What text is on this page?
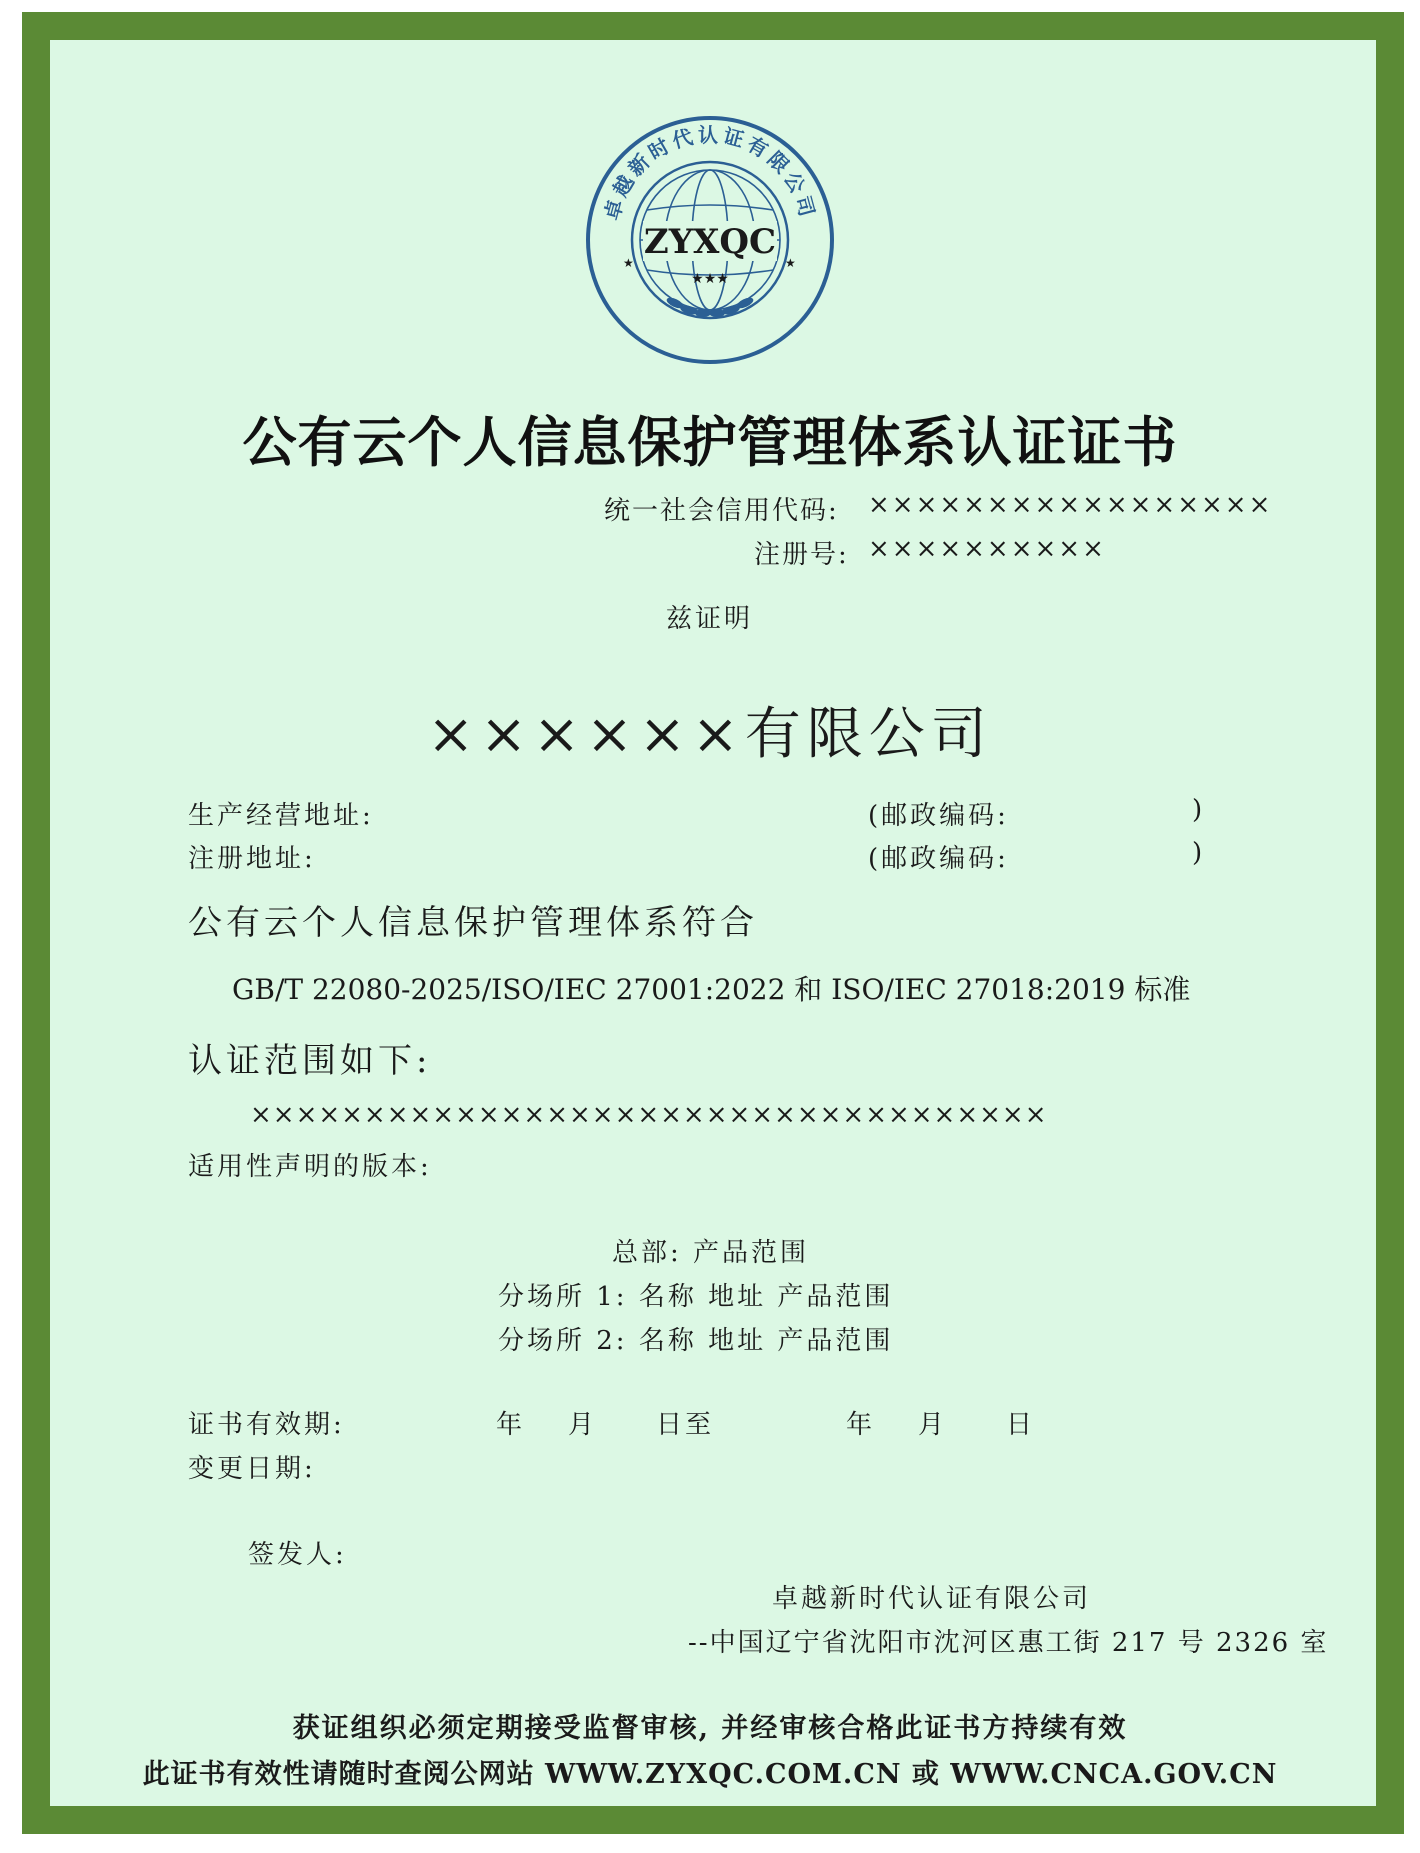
卓越新时代认证有限公司
ZYXQC
★★★
★	★
公有云个人信息保护管理体系认证证书
统一社会信用代码: ×××××××××××××××××
注册号: ××××××××××
兹证明
××××××有限公司
生产经营地址:	(邮政编码:	)
注册地址:	(邮政编码:	)
公有云个人信息保护管理体系符合
GB/T 22080-2025/ISO/IEC 27001:2022 和 ISO/IEC 27018:2019 标准
认证范围如下:
×××××××××××××××××××××××××××××××××××
适用性声明的版本:
总部: 产品范围
分场所 1: 名称 地址 产品范围
分场所 2: 名称 地址 产品范围
证书有效期:	年 月 日至	年 月 日
变更日期:
签发人:
卓越新时代认证有限公司
--中国辽宁省沈阳市沈河区惠工街 217 号 2326 室
获证组织必须定期接受监督审核, 并经审核合格此证书方持续有效
此证书有效性请随时查阅公网站 WWW.ZYXQC.COM.CN 或 WWW.CNCA.GOV.CN
